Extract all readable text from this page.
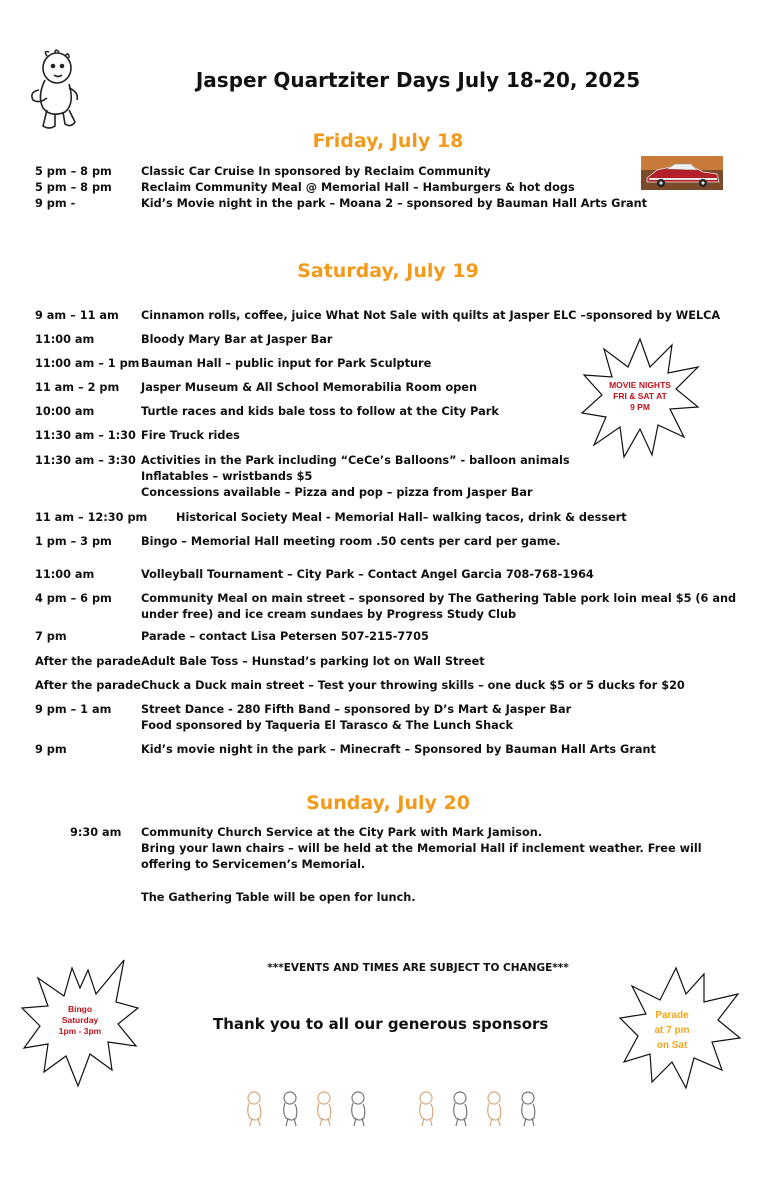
Jasper Quartziter Days July 18-20, 2025
Friday, July 18
5 pm – 8 pm	Classic Car Cruise In sponsored by Reclaim Community
5 pm – 8 pm	Reclaim Community Meal @ Memorial Hall – Hamburgers & hot dogs
9 pm -	Kid’s Movie night in the park – Moana 2 – sponsored by Bauman Hall Arts Grant
Saturday, July 19
9 am – 11 am Cinnamon rolls, coffee, juice What Not Sale with quilts at Jasper ELC –sponsored by WELCA
11:00 am	Bloody Mary Bar at Jasper Bar
11:00 am – 1 pm Bauman Hall – public input for Park Sculpture
11 am – 2 pm Jasper Museum & All School Memorabilia Room open
10:00 am	Turtle races and kids bale toss to follow at the City Park
11:30 am – 1:30 Fire Truck rides
11:30 am – 3:30 Activities in the Park including “CeCe’s Balloons” - balloon animals
Inflatables – wristbands $5
Concessions available – Pizza and pop – pizza from Jasper Bar
11 am – 12:30 pm	Historical Society Meal - Memorial Hall– walking tacos, drink & dessert
1 pm – 3 pm	Bingo – Memorial Hall meeting room .50 cents per card per game.
11:00 am	Volleyball Tournament – City Park – Contact Angel Garcia 708-768-1964
4 pm – 6 pm	Community Meal on main street – sponsored by The Gathering Table pork loin meal $5 (6 and
under free) and ice cream sundaes by Progress Study Club
7 pm	Parade – contact Lisa Petersen 507-215-7705
After the parade Adult Bale Toss – Hunstad’s parking lot on Wall Street
After the parade Chuck a Duck main street – Test your throwing skills – one duck $5 or 5 ducks for $20
9 pm – 1 am	Street Dance - 280 Fifth Band – sponsored by D’s Mart & Jasper Bar
Food sponsored by Taqueria El Tarasco & The Lunch Shack
9 pm	Kid’s movie night in the park – Minecraft – Sponsored by Bauman Hall Arts Grant
MOVIE NIGHTS
FRI & SAT AT
9 PM
Sunday, July 20
9:30 am Community Church Service at the City Park with Mark Jamison.
Bring your lawn chairs – will be held at the Memorial Hall if inclement weather. Free will
offering to Servicemen’s Memorial.
The Gathering Table will be open for lunch.
***EVENTS AND TIMES ARE SUBJECT TO CHANGE***
Bingo
Saturday
1pm - 3pm	Thank you to all our generous sponsors	Parade
at 7 pm
on Sat
